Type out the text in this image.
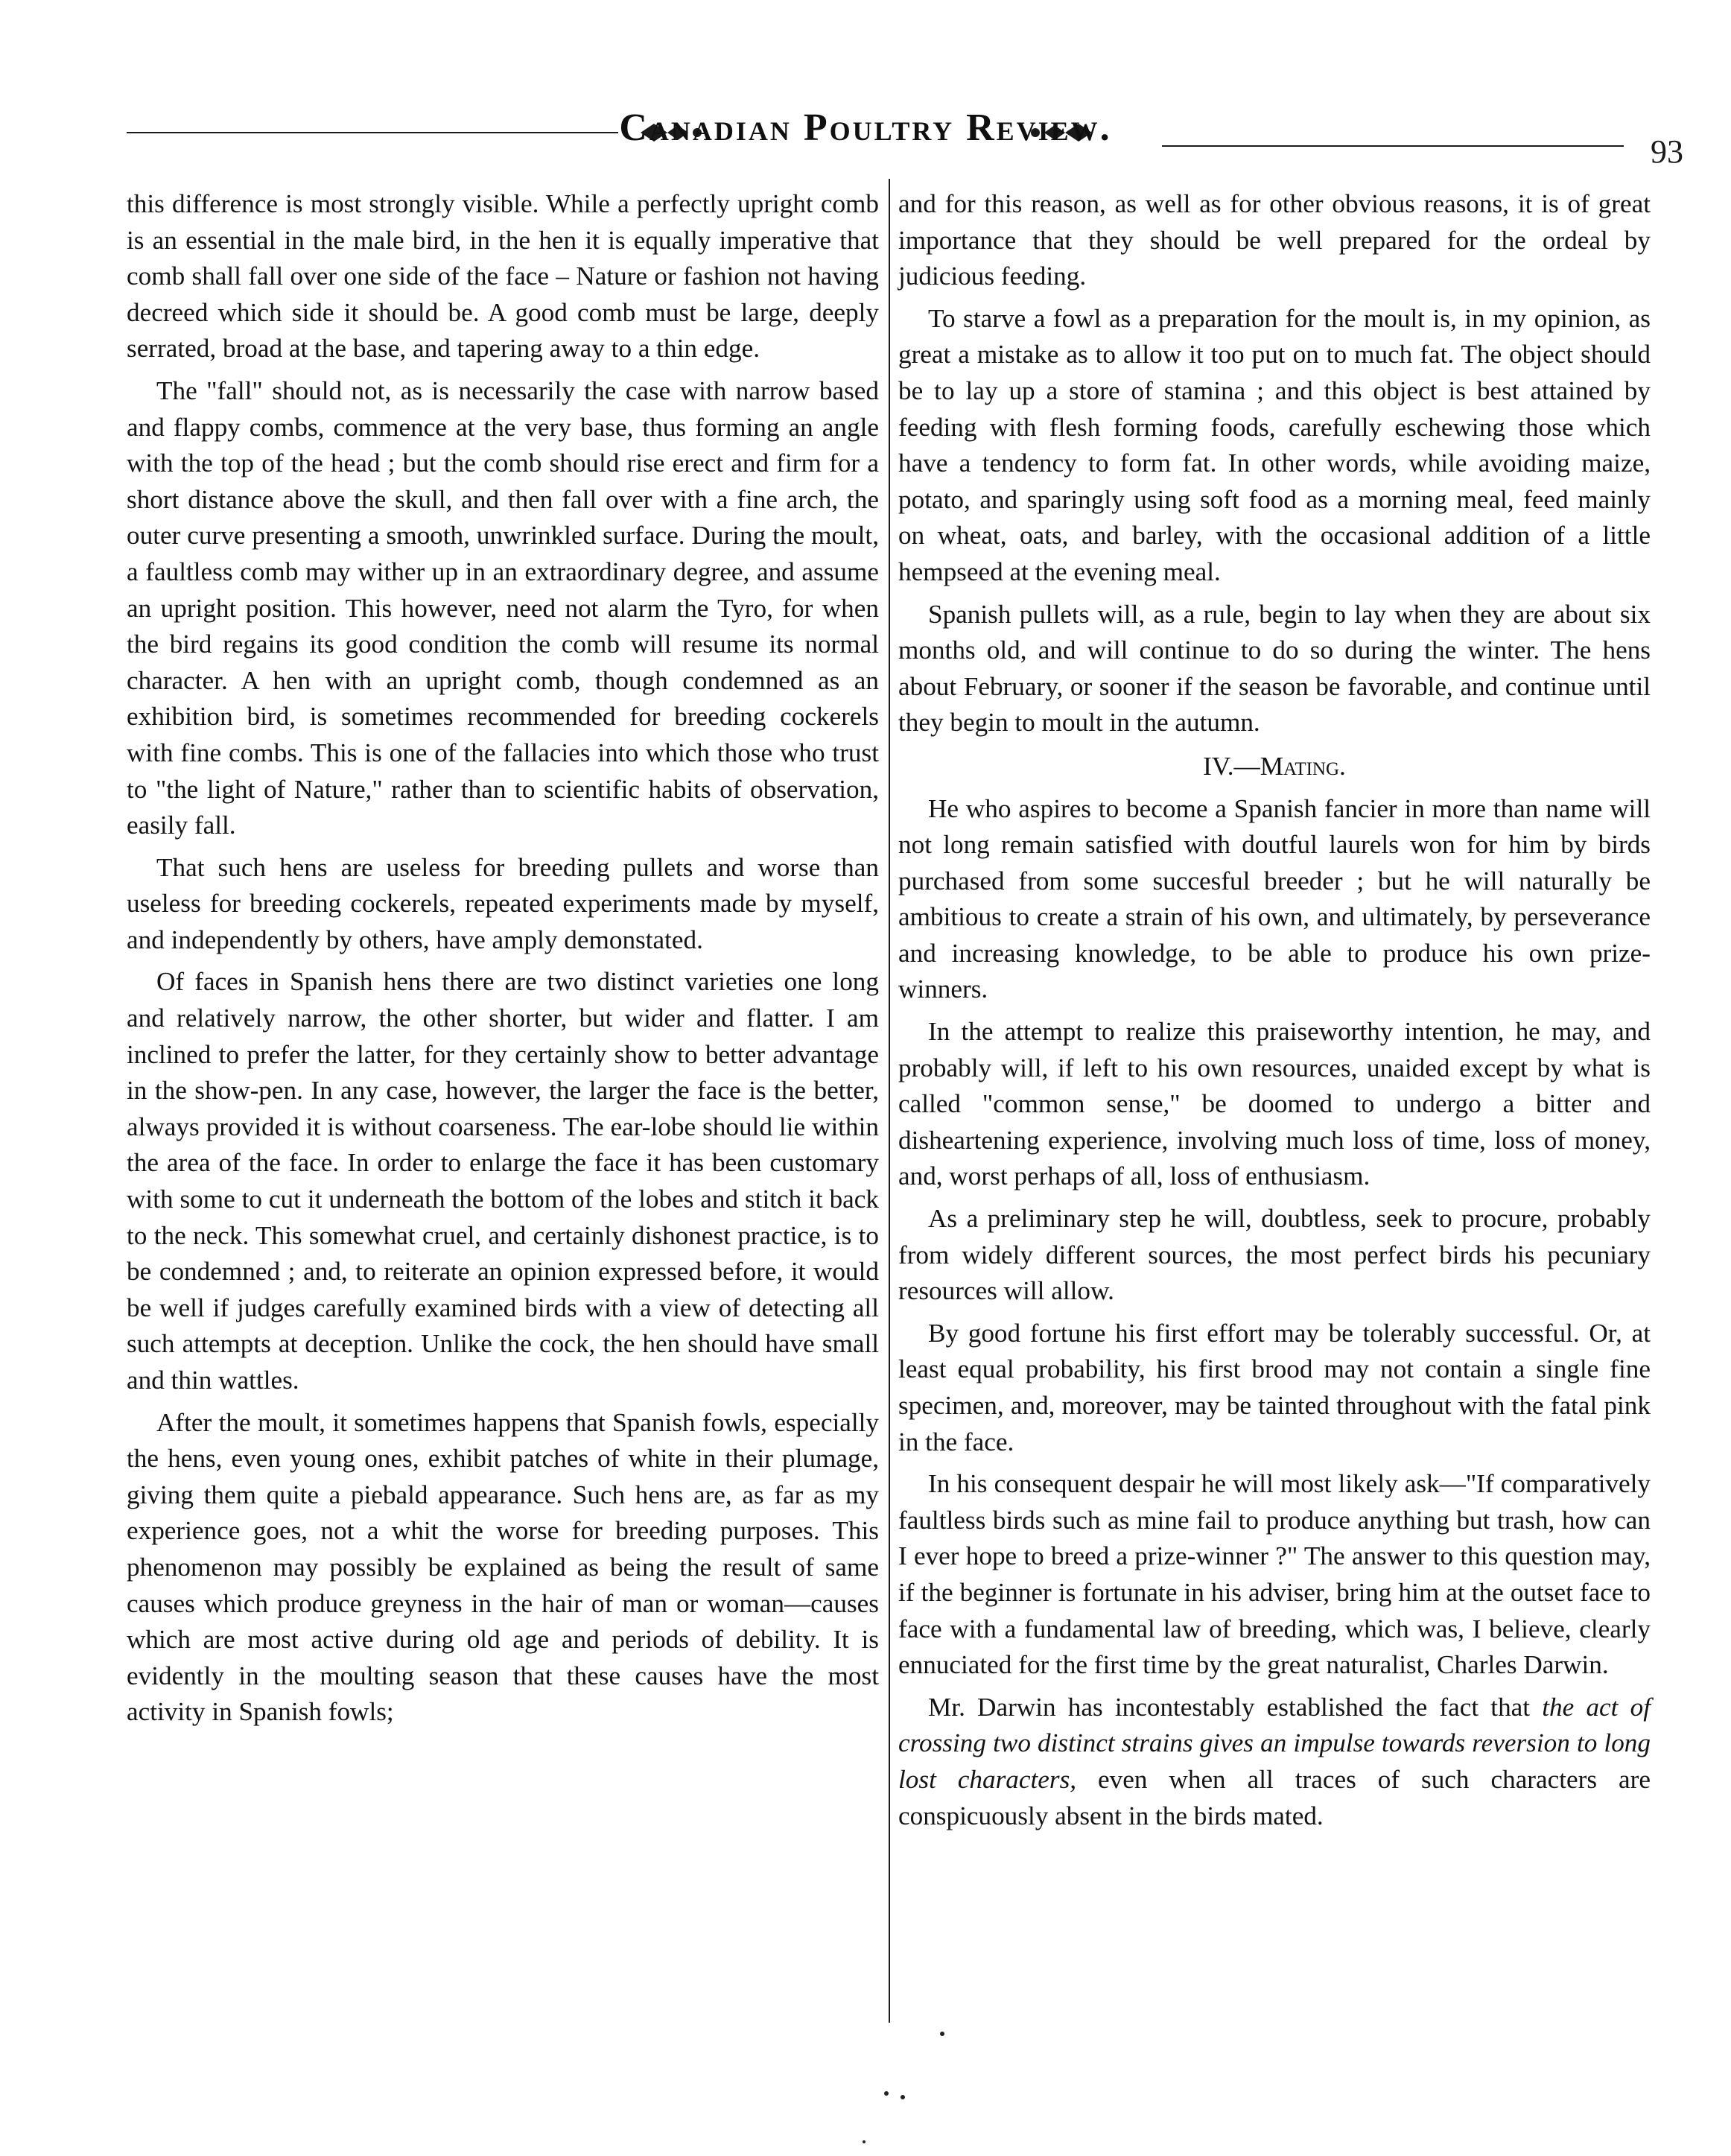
Canadian Poultry Review.
93

this difference is most strongly visible. While a perfectly upright comb is an essential in the male bird, in the hen it is equally imperative that comb shall fall over one side of the face – Nature or fashion not having decreed which side it should be. A good comb must be large, deeply serrated, broad at the base, and tapering away to a thin edge.

The "fall" should not, as is necessarily the case with narrow based and flappy combs, commence at the very base, thus forming an angle with the top of the head ; but the comb should rise erect and firm for a short distance above the skull, and then fall over with a fine arch, the outer curve presenting a smooth, unwrinkled surface. During the moult, a faultless comb may wither up in an extraordinary degree, and assume an upright position. This however, need not alarm the Tyro, for when the bird regains its good condition the comb will resume its normal character. A hen with an upright comb, though condemned as an exhibition bird, is sometimes recommended for breeding cockerels with fine combs. This is one of the fallacies into which those who trust to "the light of Nature," rather than to scientific habits of observation, easily fall.

That such hens are useless for breeding pullets and worse than useless for breeding cockerels, repeated experiments made by myself, and independently by others, have amply demonstated.

Of faces in Spanish hens there are two distinct varieties one long and relatively narrow, the other shorter, but wider and flatter. I am inclined to prefer the latter, for they certainly show to better advantage in the show-pen. In any case, however, the larger the face is the better, always provided it is without coarseness. The ear-lobe should lie within the area of the face. In order to enlarge the face it has been customary with some to cut it underneath the bottom of the lobes and stitch it back to the neck. This somewhat cruel, and certainly dishonest practice, is to be condemned ; and, to reiterate an opinion expressed before, it would be well if judges carefully examined birds with a view of detecting all such attempts at deception. Unlike the cock, the hen should have small and thin wattles.

After the moult, it sometimes happens that Spanish fowls, especially the hens, even young ones, exhibit patches of white in their plumage, giving them quite a piebald appearance. Such hens are, as far as my experience goes, not a whit the worse for breeding purposes. This phenomenon may possibly be explained as being the result of same causes which produce greyness in the hair of man or woman—causes which are most active during old age and periods of debility. It is evidently in the moulting season that these causes have the most activity in Spanish fowls;

and for this reason, as well as for other obvious reasons, it is of great importance that they should be well prepared for the ordeal by judicious feeding.

To starve a fowl as a preparation for the moult is, in my opinion, as great a mistake as to allow it too put on to much fat. The object should be to lay up a store of stamina ; and this object is best attained by feeding with flesh forming foods, carefully eschewing those which have a tendency to form fat. In other words, while avoiding maize, potato, and sparingly using soft food as a morning meal, feed mainly on wheat, oats, and barley, with the occasional addition of a little hempseed at the evening meal.

Spanish pullets will, as a rule, begin to lay when they are about six months old, and will continue to do so during the winter. The hens about February, or sooner if the season be favorable, and continue until they begin to moult in the autumn.

IV.—Mating.

He who aspires to become a Spanish fancier in more than name will not long remain satisfied with doutful laurels won for him by birds purchased from some succesful breeder ; but he will naturally be ambitious to create a strain of his own, and ultimately, by perseverance and increasing knowledge, to be able to produce his own prize-winners.

In the attempt to realize this praiseworthy intention, he may, and probably will, if left to his own resources, unaided except by what is called "common sense," be doomed to undergo a bitter and disheartening experience, involving much loss of time, loss of money, and, worst perhaps of all, loss of enthusiasm.

As a preliminary step he will, doubtless, seek to procure, probably from widely different sources, the most perfect birds his pecuniary resources will allow.

By good fortune his first effort may be tolerably successful. Or, at least equal probability, his first brood may not contain a single fine specimen, and, moreover, may be tainted throughout with the fatal pink in the face.

In his consequent despair he will most likely ask—"If comparatively faultless birds such as mine fail to produce anything but trash, how can I ever hope to breed a prize-winner ?" The answer to this question may, if the beginner is fortunate in his adviser, bring him at the outset face to face with a fundamental law of breeding, which was, I believe, clearly ennuciated for the first time by the great naturalist, Charles Darwin.

Mr. Darwin has incontestably established the fact that the act of crossing two distinct strains gives an impulse towards reversion to long lost characters, even when all traces of such characters are conspicuously absent in the birds mated.
